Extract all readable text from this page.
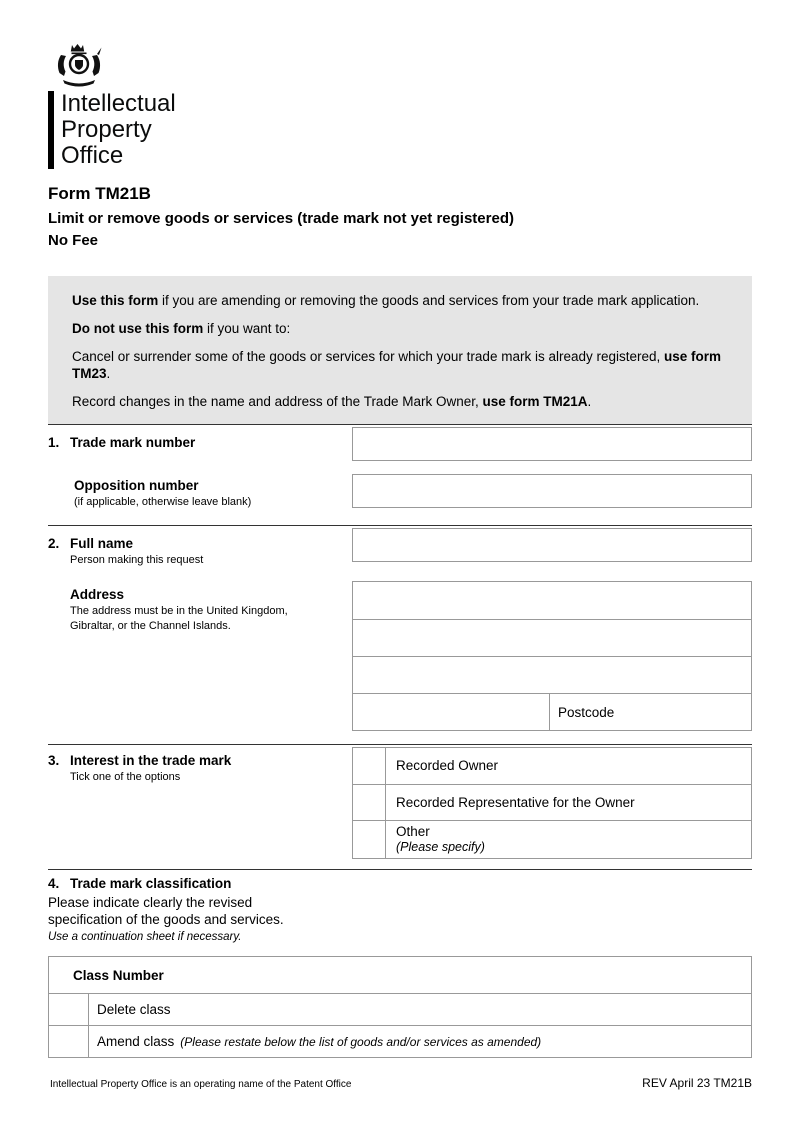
Intellectual
Property
Office
Form TM21B
Limit or remove goods or services (trade mark not yet registered)
No Fee

Use this form if you are amending or removing the goods and services from your trade mark application.

Do not use this form if you want to:

Cancel or surrender some of the goods or services for which your trade mark is already registered, use form TM23.

Record changes in the name and address of the Trade Mark Owner, use form TM21A.

1. Trade mark number
Opposition number
(if applicable, otherwise leave blank)
2. Full name
Person making this request
Address
The address must be in the United Kingdom,
Gibraltar, or the Channel Islands.
Postcode
3. Interest in the trade mark
Tick one of the options
Recorded Owner
Recorded Representative for the Owner
Other
(Please specify)
4. Trade mark classification
Please indicate clearly the revised
specification of the goods and services.
Use a continuation sheet if necessary.
Class Number
Delete class
Amend class (Please restate below the list of goods and/or services as amended)
Intellectual Property Office is an operating name of the Patent Office	REV April 23 TM21B
